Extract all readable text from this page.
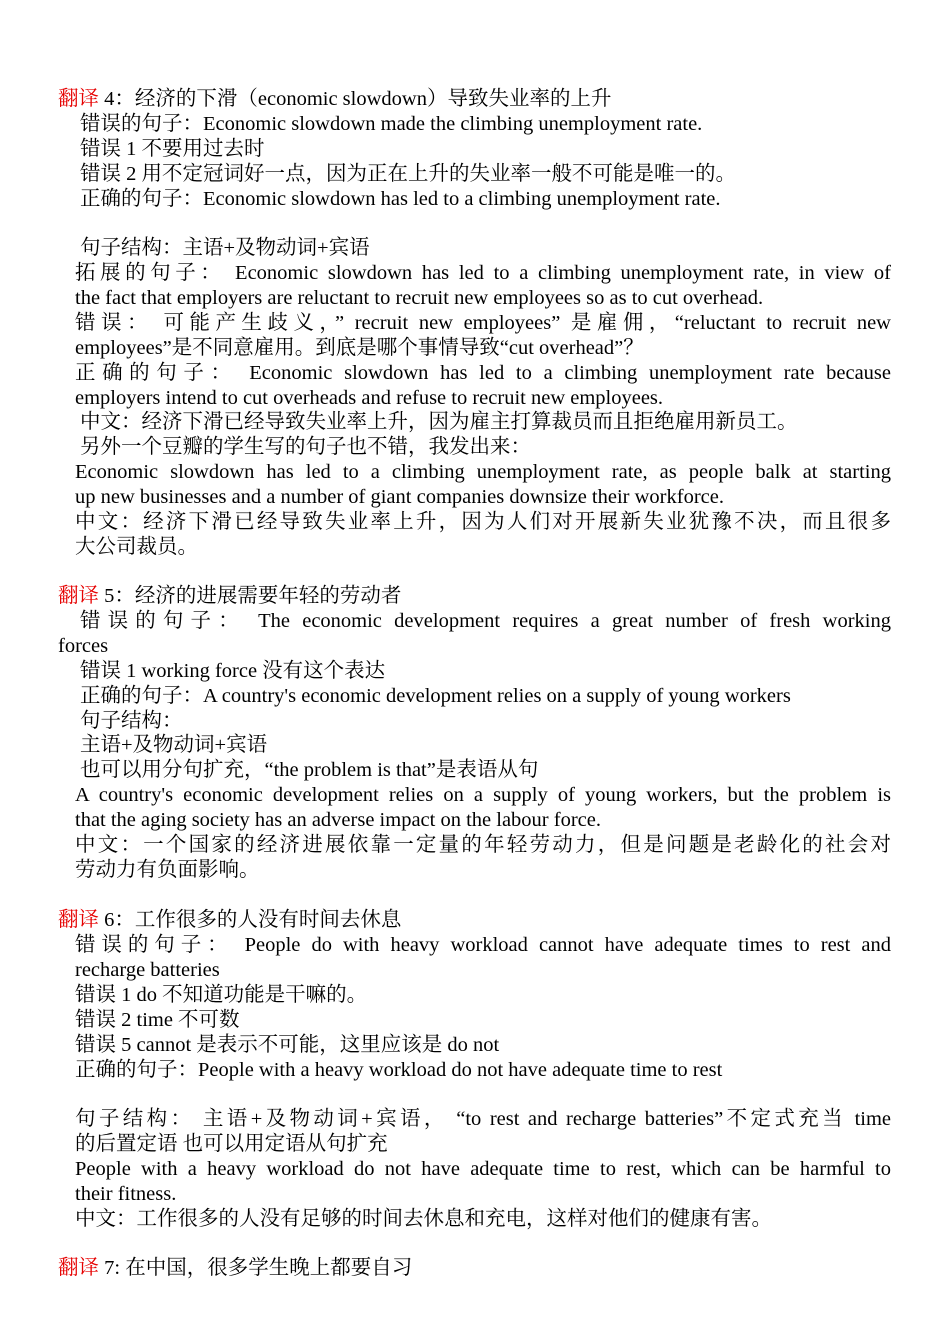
翻译 4：经济的下滑（economic slowdown）导致失业率的上升
错误的句子：Economic slowdown made the climbing unemployment rate.
错误 1 不要用过去时
错误 2 用不定冠词好一点，因为正在上升的失业率一般不可能是唯一的。
正确的句子：Economic slowdown has led to a climbing unemployment rate.
句子结构：主语+及物动词+宾语
拓展的句子： Economic slowdown has led to a climbing unemployment rate, in view of
the fact that employers are reluctant to recruit new employees so as to cut overhead.
错误： 可能产生歧义，” recruit new employees” 是雇佣，“reluctant to recruit new
employees”是不同意雇用。到底是哪个事情导致“cut overhead”？
正确的句子： Economic slowdown has led to a climbing unemployment rate because
employers intend to cut overheads and refuse to recruit new employees.
中文：经济下滑已经导致失业率上升，因为雇主打算裁员而且拒绝雇用新员工。
另外一个豆瓣的学生写的句子也不错，我发出来：
Economic slowdown has led to a climbing unemployment rate, as people balk at starting
up new businesses and a number of giant companies downsize their workforce.
中文：经济下滑已经导致失业率上升，因为人们对开展新失业犹豫不决，而且很多
大公司裁员。
翻译 5：经济的进展需要年轻的劳动者
错误的句子： The economic development requires a great number of fresh working
forces
错误 1 working force 没有这个表达
正确的句子：A country's economic development relies on a supply of young workers
句子结构：
主语+及物动词+宾语
也可以用分句扩充，“the problem is that”是表语从句
A country's economic development relies on a supply of young workers, but the problem is
that the aging society has an adverse impact on the labour force.
中文：一个国家的经济进展依靠一定量的年轻劳动力，但是问题是老龄化的社会对
劳动力有负面影响。
翻译 6：工作很多的人没有时间去休息
错误的句子： People do with heavy workload cannot have adequate times to rest and
recharge batteries
错误 1 do 不知道功能是干嘛的。
错误 2 time 不可数
错误 5 cannot 是表示不可能，这里应该是 do not
正确的句子：People with a heavy workload do not have adequate time to rest
句子结构： 主语+及物动词+宾语， “to rest and recharge batteries”不定式充当 time
的后置定语 也可以用定语从句扩充
People with a heavy workload do not have adequate time to rest, which can be harmful to
their fitness.
中文：工作很多的人没有足够的时间去休息和充电，这样对他们的健康有害。
翻译 7: 在中国，很多学生晚上都要自习
